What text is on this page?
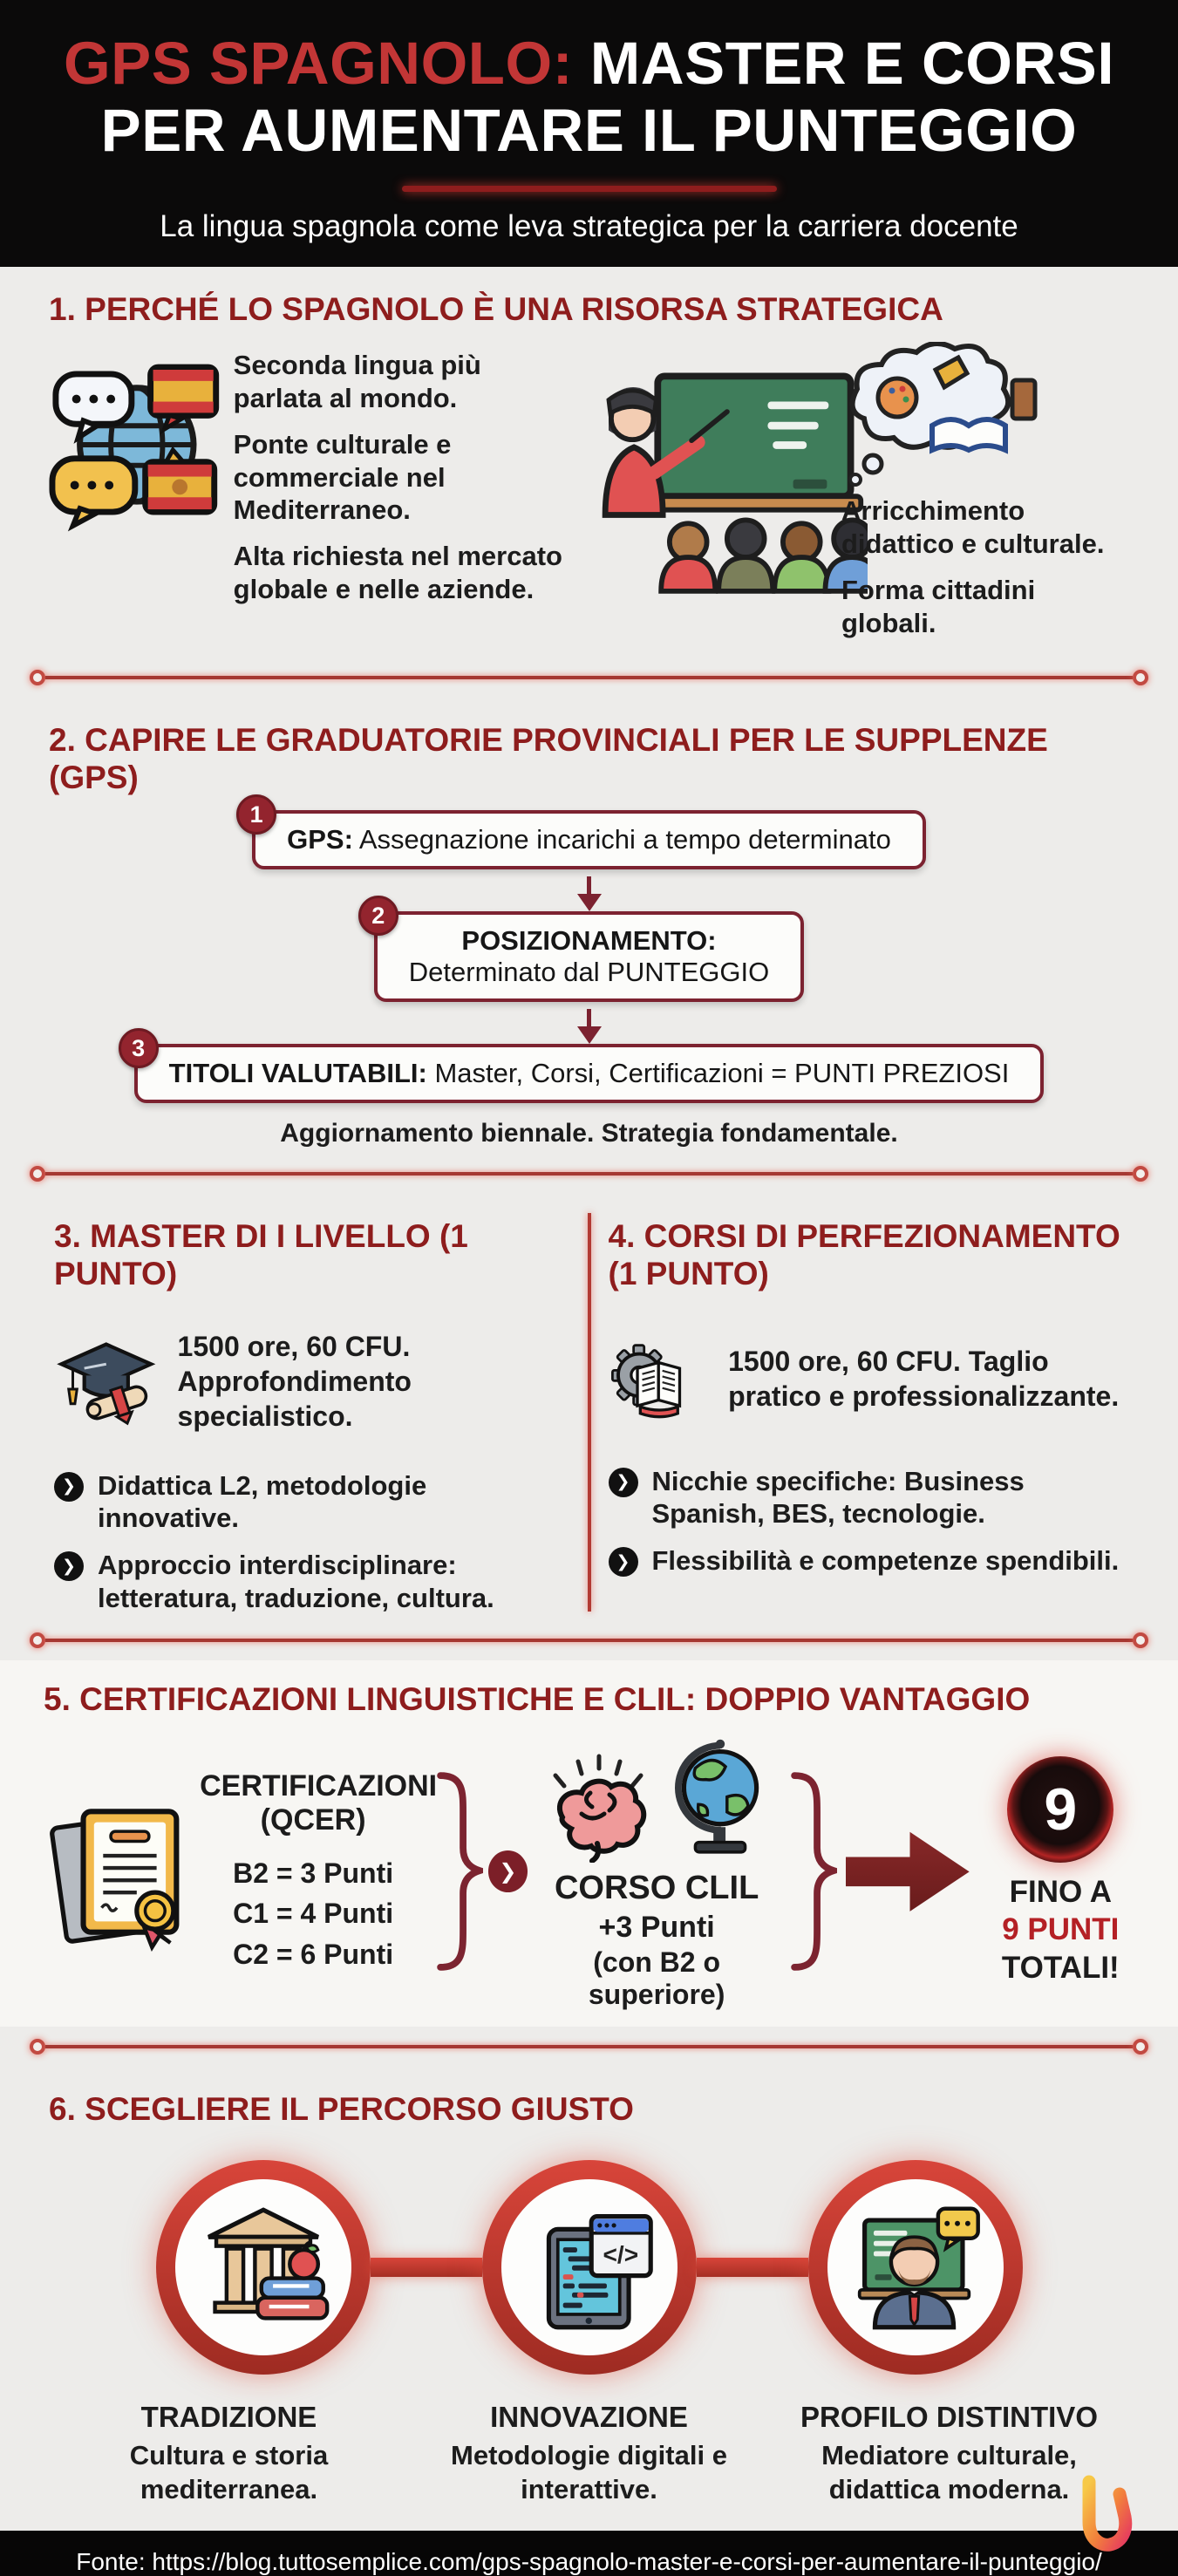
GPS SPAGNOLO: MASTER E CORSI
PER AUMENTARE IL PUNTEGGIO
La lingua spagnola come leva strategica per la carriera docente
1. PERCHÉ LO SPAGNOLO È UNA RISORSA STRATEGICA

Seconda lingua più parlata al mondo.

Ponte culturale e commerciale nel Mediterraneo.

Alta richiesta nel mercato globale e nelle aziende.

Arricchimento didattico e culturale.

Forma cittadini globali.

2. CAPIRE LE GRADUATORIE PROVINCIALI PER LE SUPPLENZE (GPS)
1
GPS: Assegnazione incarichi a tempo determinato
2
POSIZIONAMENTO:
Determinato dal PUNTEGGIO
3
TITOLI VALUTABILI: Master, Corsi, Certificazioni = PUNTI PREZIOSI
Aggiornamento biennale. Strategia fondamentale.
3. MASTER DI I LIVELLO (1 PUNTO)
1500 ore, 60 CFU. Approfondimento specialistico.
❯ Didattica L2, metodologie innovative.
❯ Approccio interdisciplinare: letteratura, traduzione, cultura.
4. CORSI DI PERFEZIONAMENTO (1 PUNTO)
1500 ore, 60 CFU. Taglio pratico e professionalizzante.
❯ Nicchie specifiche: Business Spanish, BES, tecnologie.
❯ Flessibilità e competenze spendibili.
5. CERTIFICAZIONI LINGUISTICHE E CLIL: DOPPIO VANTAGGIO
CERTIFICAZIONI
(QCER)
B2 = 3 Punti
C1 = 4 Punti
C2 = 6 Punti
❯	CORSO CLIL
+3 Punti
(con B2 o superiore)
9
FINO A
9 PUNTI
TOTALI!
6. SCEGLIERE IL PERCORSO GIUSTO
</>
TRADIZIONE
Cultura e storia mediterranea.
INNOVAZIONE
Metodologie digitali e interattive.
PROFILO DISTINTIVO
Mediatore culturale, didattica moderna.
Fonte: https://blog.tuttosemplice.com/gps-spagnolo-master-e-corsi-per-aumentare-il-punteggio/
